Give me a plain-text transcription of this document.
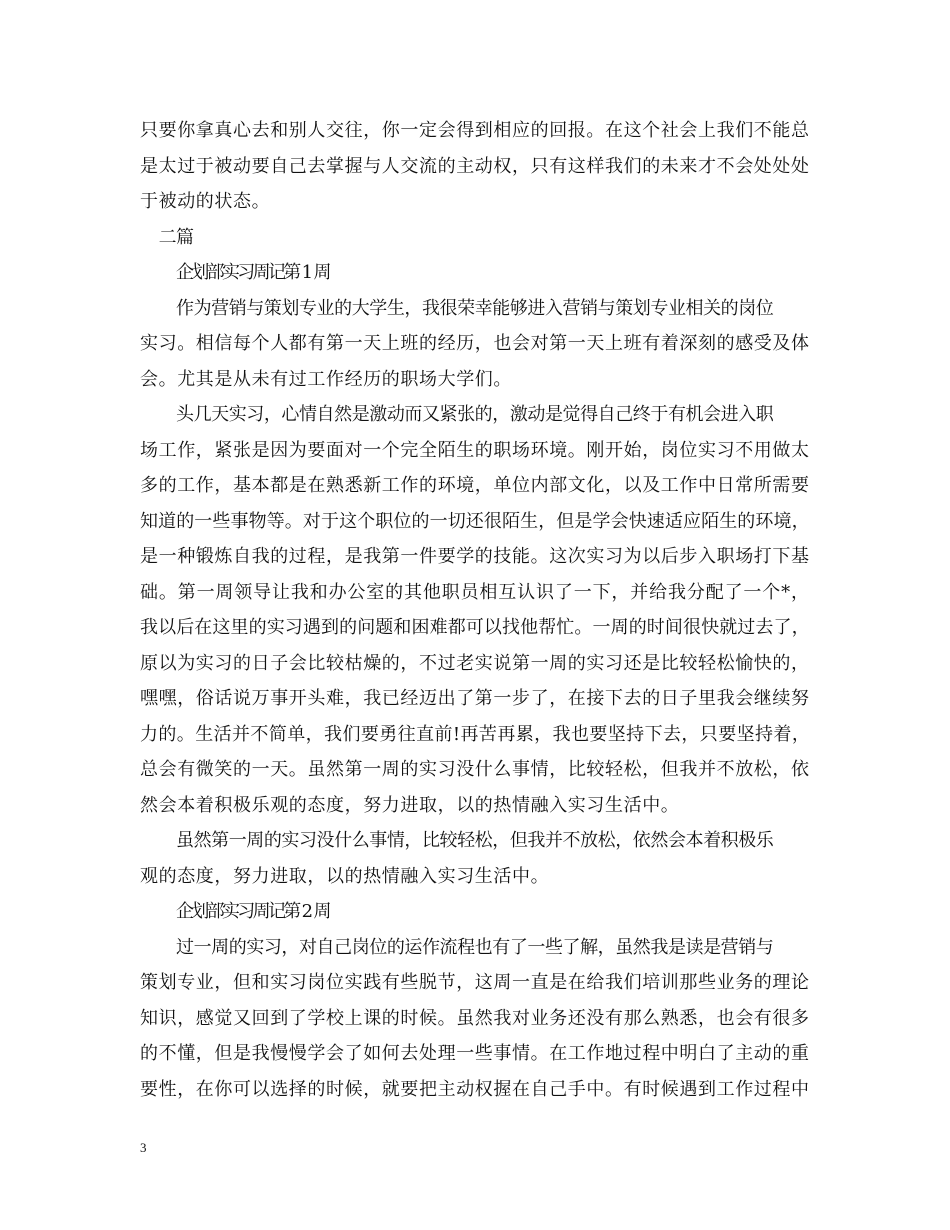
只要你拿真心去和别人交往，你一定会得到相应的回报。在这个社会上我们不能总
是太过于被动要自己去掌握与人交流的主动权，只有这样我们的未来才不会处处处
于被动的状态。

企划部实习周记第 1 周

作为营销与策划专业的大学生，我很荣幸能够进入营销与策划专业相关的岗位
实习。相信每个人都有第一天上班的经历，也会对第一天上班有着深刻的感受及体
会。尤其是从未有过工作经历的职场大学们。

头几天实习，心情自然是激动而又紧张的，激动是觉得自己终于有机会进入职
场工作，紧张是因为要面对一个完全陌生的职场环境。刚开始，岗位实习不用做太
多的工作，基本都是在熟悉新工作的环境，单位内部文化，以及工作中日常所需要
知道的一些事物等。对于这个职位的一切还很陌生，但是学会快速适应陌生的环境，
是一种锻炼自我的过程，是我第一件要学的技能。这次实习为以后步入职场打下基
础。第一周领导让我和办公室的其他职员相互认识了一下，并给我分配了一个*，
我以后在这里的实习遇到的问题和困难都可以找他帮忙。一周的时间很快就过去了，
原以为实习的日子会比较枯燥的，不过老实说第一周的实习还是比较轻松愉快的，
嘿嘿，俗话说万事开头难，我已经迈出了第一步了，在接下去的日子里我会继续努
力的。生活并不简单，我们要勇往直前!再苦再累，我也要坚持下去，只要坚持着，
总会有微笑的一天。虽然第一周的实习没什么事情，比较轻松，但我并不放松，依
然会本着积极乐观的态度，努力进取，以的热情融入实习生活中。

虽然第一周的实习没什么事情，比较轻松，但我并不放松，依然会本着积极乐
观的态度，努力进取，以的热情融入实习生活中。

企划部实习周记第 2 周

过一周的实习，对自己岗位的运作流程也有了一些了解，虽然我是读是营销与
策划专业，但和实习岗位实践有些脱节，这周一直是在给我们培训那些业务的理论
知识，感觉又回到了学校上课的时候。虽然我对业务还没有那么熟悉，也会有很多
的不懂，但是我慢慢学会了如何去处理一些事情。在工作地过程中明白了主动的重
要性，在你可以选择的时候，就要把主动权握在自己手中。有时候遇到工作过程中

3
